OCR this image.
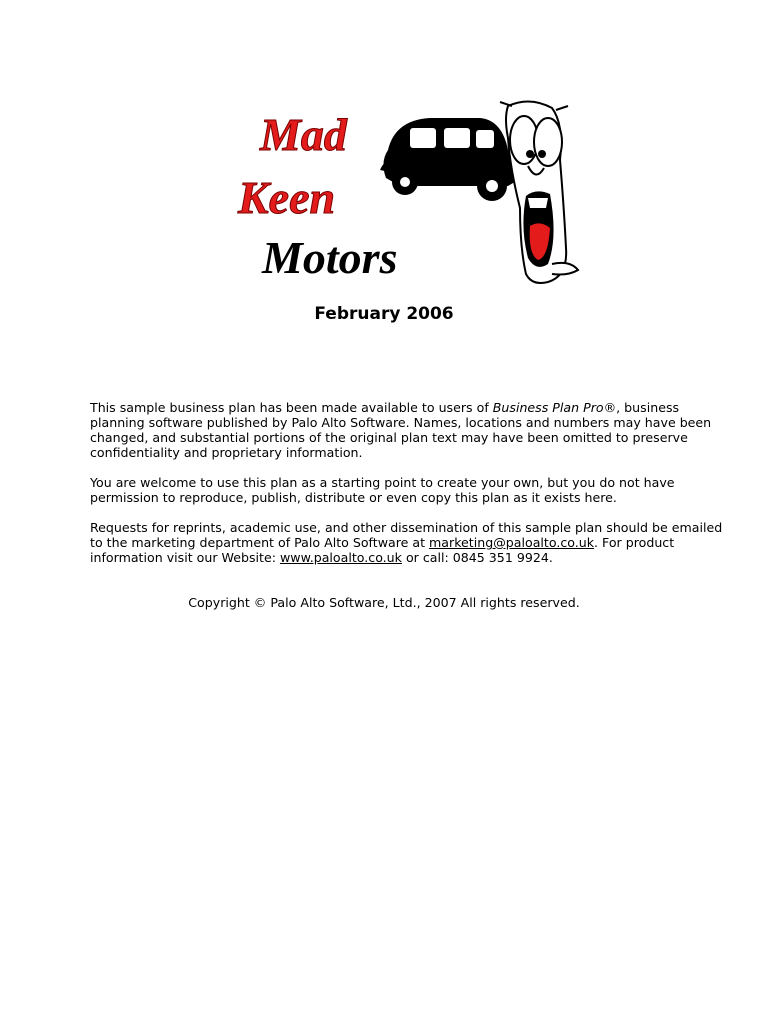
Mad
Keen
Motors
February 2006

This sample business plan has been made available to users of Business Plan Pro®, business planning software published by Palo Alto Software. Names, locations and numbers may have been changed, and substantial portions of the original plan text may have been omitted to preserve confidentiality and proprietary information.

You are welcome to use this plan as a starting point to create your own, but you do not have permission to reproduce, publish, distribute or even copy this plan as it exists here.

Requests for reprints, academic use, and other dissemination of this sample plan should be emailed to the marketing department of Palo Alto Software at marketing@paloalto.co.uk. For product information visit our Website: www.paloalto.co.uk or call: 0845 351 9924.

Copyright © Palo Alto Software, Ltd., 2007 All rights reserved.
